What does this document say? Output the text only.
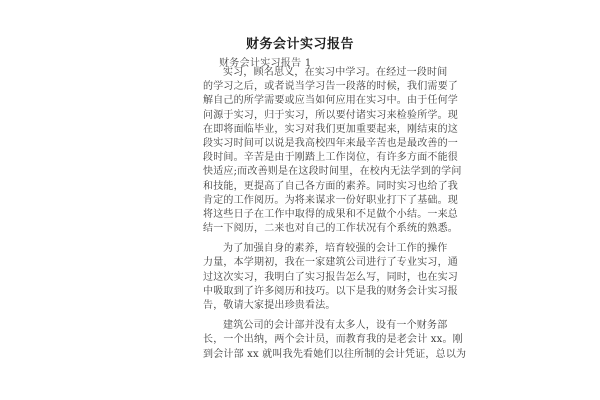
财务会计实习报告
财务会计实习报告 1
实习，顾名思义，在实习中学习。在经过一段时间
的学习之后，或者说当学习告一段落的时候，我们需要了
解自己的所学需要或应当如何应用在实习中。由于任何学
问源于实习，归于实习，所以要付诸实习来检验所学。现
在即将面临毕业，实习对我们更加重要起来，刚结束的这
段实习时间可以说是我高校四年来最辛苦也是最改善的一
段时间。辛苦是由于刚踏上工作岗位，有许多方面不能很
快适应;而改善则是在这段时间里，在校内无法学到的学问
和技能，更提高了自己各方面的素养。同时实习也给了我
肯定的工作阅历。为将来谋求一份好职业打下了基础。现
将这些日子在工作中取得的成果和不足做个小结。一来总
结一下阅历，二来也对自己的工作状况有个系统的熟悉。
为了加强自身的素养，培育较强的会计工作的操作
力量，本学期初，我在一家建筑公司进行了专业实习，通
过这次实习，我明白了实习报告怎么写，同时，也在实习
中吸取到了许多阅历和技巧。以下是我的财务会计实习报
告，敬请大家提出珍贵看法。
建筑公司的会计部并没有太多人，设有一个财务部
长，一个出纳，两个会计员，而教育我的是老会计 xx。刚
到会计部 xx 就叫我先看她们以往所制的会计凭证，总以为
